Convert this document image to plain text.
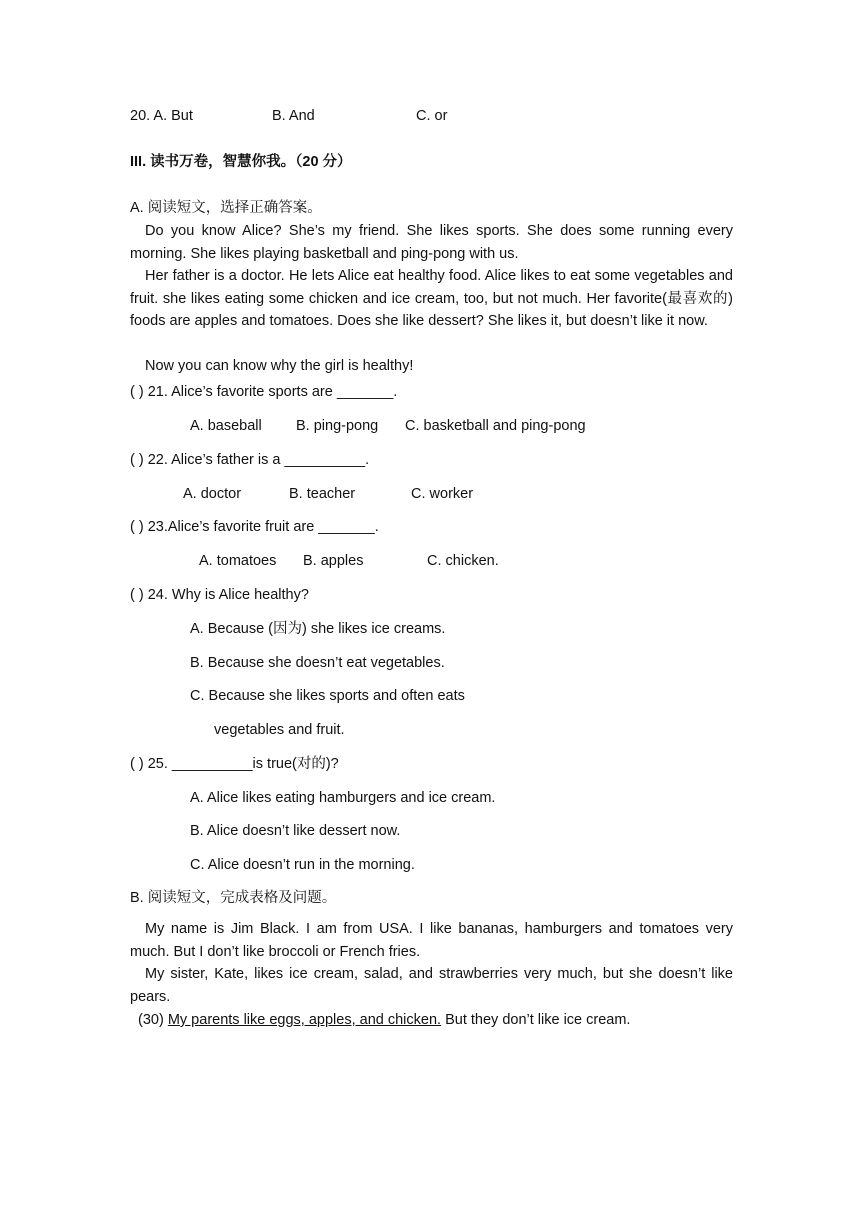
20. A. But	B. And	C. or
III. 读书万卷，智慧你我。（20 分）
A. 阅读短文，选择正确答案。
Do you know Alice? She’s my friend. She likes sports. She does some running every morning. She likes playing basketball and ping-pong with us.
Her father is a doctor. He lets Alice eat healthy food. Alice likes to eat some vegetables and fruit. she likes eating some chicken and ice cream, too, but not much. Her favorite(最喜欢的) foods are apples and tomatoes. Does she like dessert? She likes it, but doesn’t like it now.
Now you can know why the girl is healthy!
( ) 21. Alice’s favorite sports are _______.
A. baseball B. ping-pong C. basketball and ping-pong
( ) 22. Alice’s father is a __________.
A. doctor	B. teacher	C. worker
( ) 23.Alice’s favorite fruit are _______.
A. tomatoes B. apples	C. chicken.
( ) 24. Why is Alice healthy?
A. Because (因为) she likes ice creams.
B. Because she doesn’t eat vegetables.
C. Because she likes sports and often eats
vegetables and fruit.
( ) 25. __________is true(对的)?
A. Alice likes eating hamburgers and ice cream.
B. Alice doesn’t like dessert now.
C. Alice doesn’t run in the morning.
B. 阅读短文，完成表格及问题。
My name is Jim Black. I am from USA. I like bananas, hamburgers and tomatoes very much. But I don’t like broccoli or French fries.
My sister, Kate, likes ice cream, salad, and strawberries very much, but she doesn’t like pears.
(30) My parents like eggs, apples, and chicken. But they don’t like ice cream.
